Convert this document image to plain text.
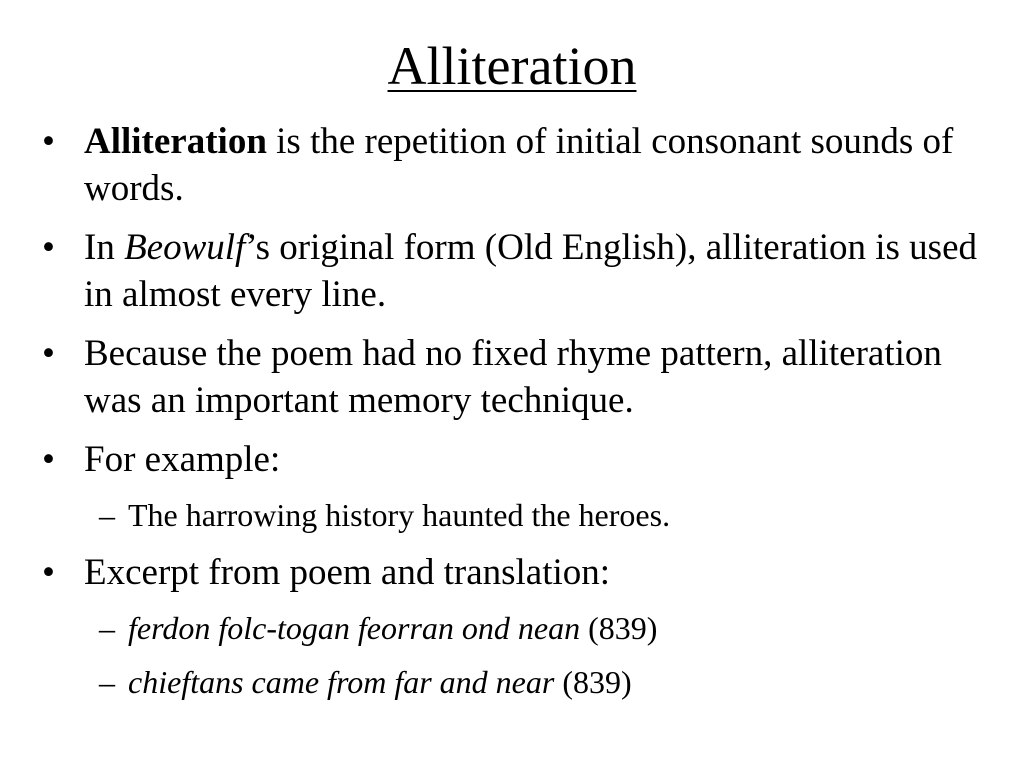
Alliteration
• Alliteration is the repetition of initial consonant sounds of words.
• In Beowulf’s original form (Old English), alliteration is used in almost every line.
• Because the poem had no fixed rhyme pattern, alliteration was an important memory technique.
• For example:
– The harrowing history haunted the heroes.
• Excerpt from poem and translation:
– ferdon folc-togan feorran ond nean (839)
– chieftans came from far and near (839)
